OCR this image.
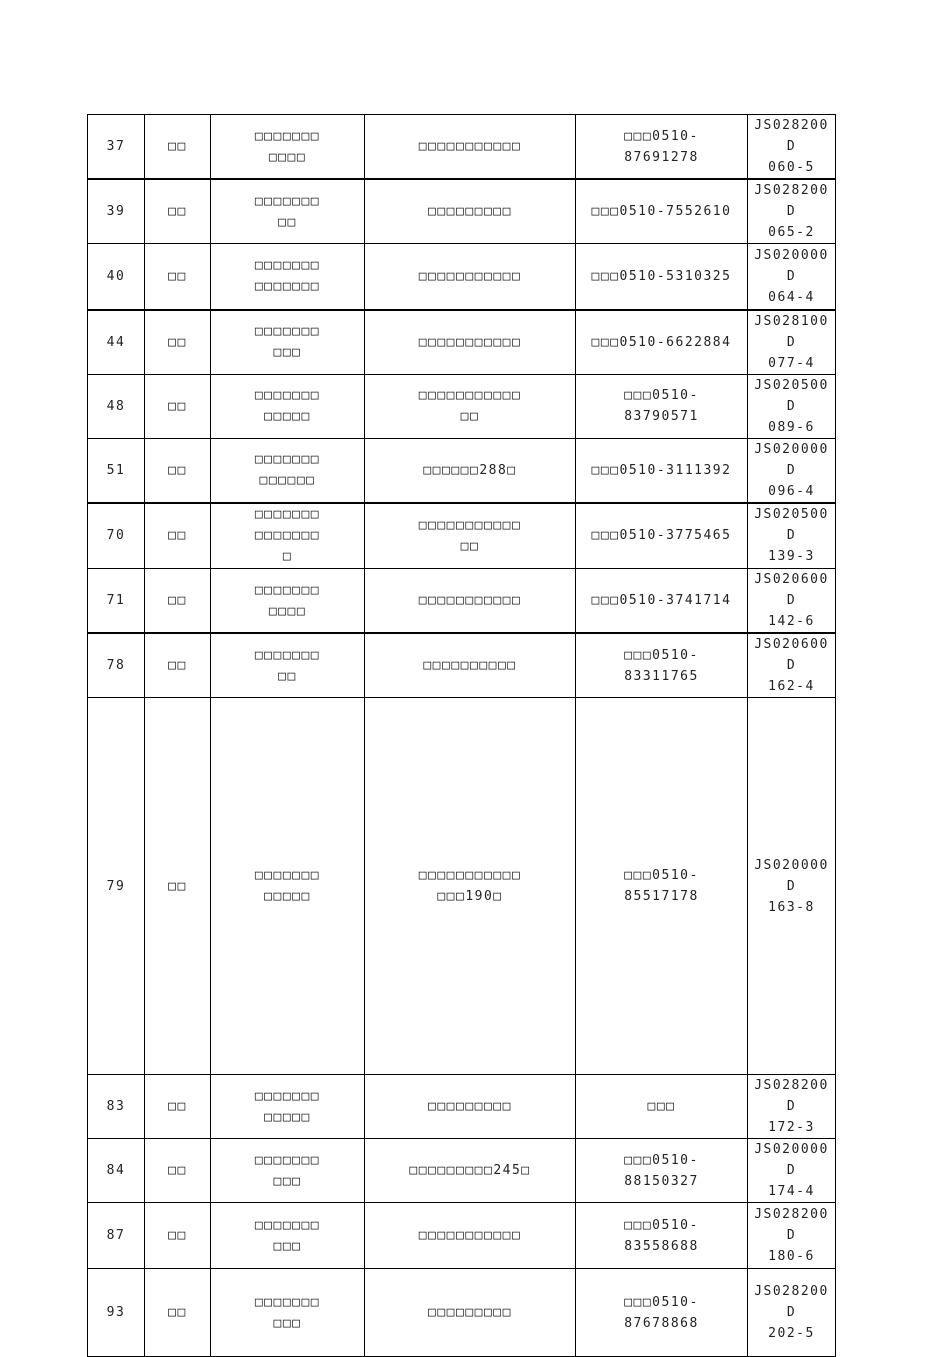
37	□□	□□□□□□□
□□□□	□□□□□□□□□□□	□□□0510-
87691278	JS028200D
060-5
39	□□	□□□□□□□
□□	□□□□□□□□□	□□□0510-7552610	JS028200D
065-2
40	□□	□□□□□□□
□□□□□□□	□□□□□□□□□□□	□□□0510-5310325	JS020000D
064-4
44	□□	□□□□□□□
□□□	□□□□□□□□□□□	□□□0510-6622884	JS028100D
077-4
48	□□	□□□□□□□
□□□□□	□□□□□□□□□□□
□□	□□□0510-
83790571	JS020500D
089-6
51	□□	□□□□□□□
□□□□□□	□□□□□□288□	□□□0510-3111392	JS020000D
096-4
70	□□	□□□□□□□
□□□□□□□
□	□□□□□□□□□□□
□□	□□□0510-3775465	JS020500D
139-3
71	□□	□□□□□□□
□□□□	□□□□□□□□□□□	□□□0510-3741714	JS020600D
142-6
78	□□	□□□□□□□
□□	□□□□□□□□□□	□□□0510-
83311765	JS020600D
162-4
79	□□	□□□□□□□
□□□□□	□□□□□□□□□□□
□□□190□	□□□0510-
85517178	JS020000D
163-8
83	□□	□□□□□□□
□□□□□	□□□□□□□□□	□□□	JS028200D
172-3
84	□□	□□□□□□□
□□□	□□□□□□□□□245□	□□□0510-
88150327	JS020000D
174-4
87	□□	□□□□□□□
□□□	□□□□□□□□□□□	□□□0510-
83558688	JS028200D
180-6
93	□□	□□□□□□□
□□□	□□□□□□□□□	□□□0510-
87678868	JS028200D
202-5
